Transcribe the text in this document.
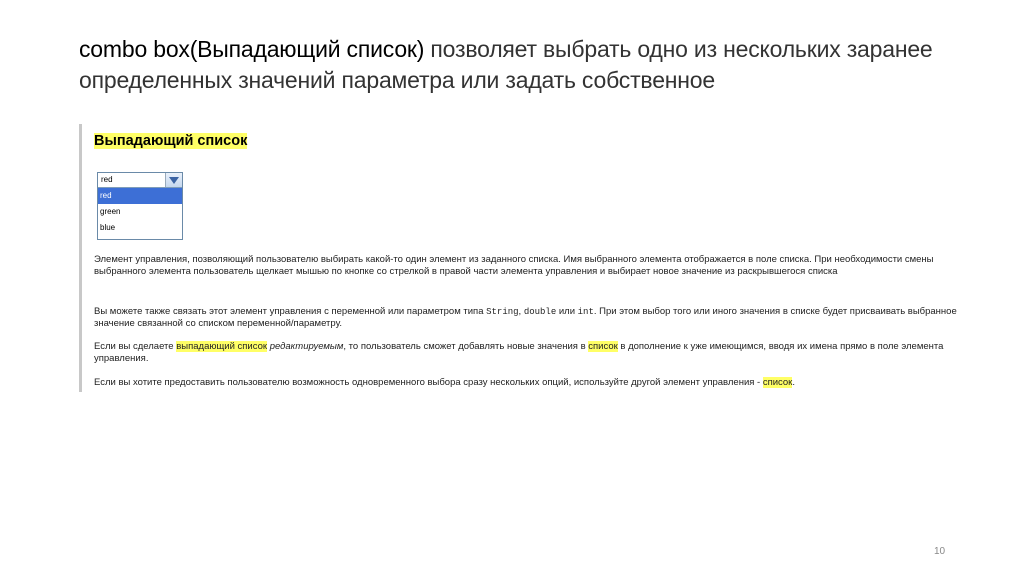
combo box(Выпадающий список) позволяет выбрать одно из нескольких заранее определенных значений параметра или задать собственное
Выпадающий список
red
red
green
blue

Элемент управления, позволяющий пользователю выбирать какой-то один элемент из заданного списка. Имя выбранного элемента отображается в поле списка. При необходимости смены выбранного элемента пользователь щелкает мышью по кнопке со стрелкой в правой части элемента управления и выбирает новое значение из раскрывшегося списка

Вы можете также связать этот элемент управления с переменной или параметром типа String, double или int. При этом выбор того или иного значения в списке будет присваивать выбранное значение связанной со списком переменной/параметру.

Если вы сделаете выпадающий список редактируемым, то пользователь сможет добавлять новые значения в список в дополнение к уже имеющимся, вводя их имена прямо в поле элемента управления.

Если вы хотите предоставить пользователю возможность одновременного выбора сразу нескольких опций, используйте другой элемент управления - список.

10
